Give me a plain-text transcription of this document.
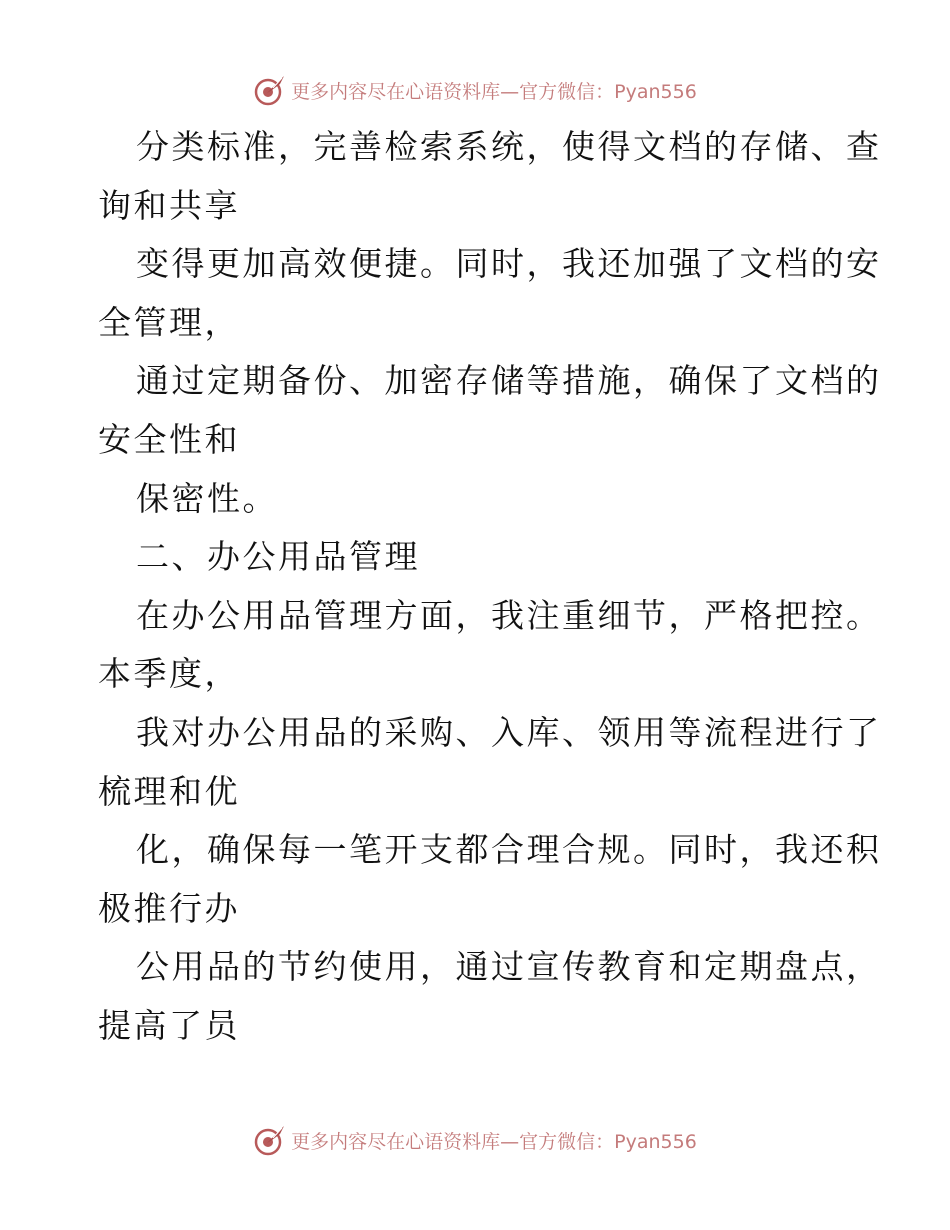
更多内容尽在心语资料库—官方微信：Pyan556
分类标准，完善检索系统，使得文档的存储、查
询和共享
变得更加高效便捷。同时，我还加强了文档的安
全管理，
通过定期备份、加密存储等措施，确保了文档的
安全性和
保密性。
二、办公用品管理
在办公用品管理方面，我注重细节，严格把控。
本季度，
我对办公用品的采购、入库、领用等流程进行了
梳理和优
化，确保每一笔开支都合理合规。同时，我还积
极推行办
公用品的节约使用，通过宣传教育和定期盘点，
提高了员
更多内容尽在心语资料库—官方微信：Pyan556
